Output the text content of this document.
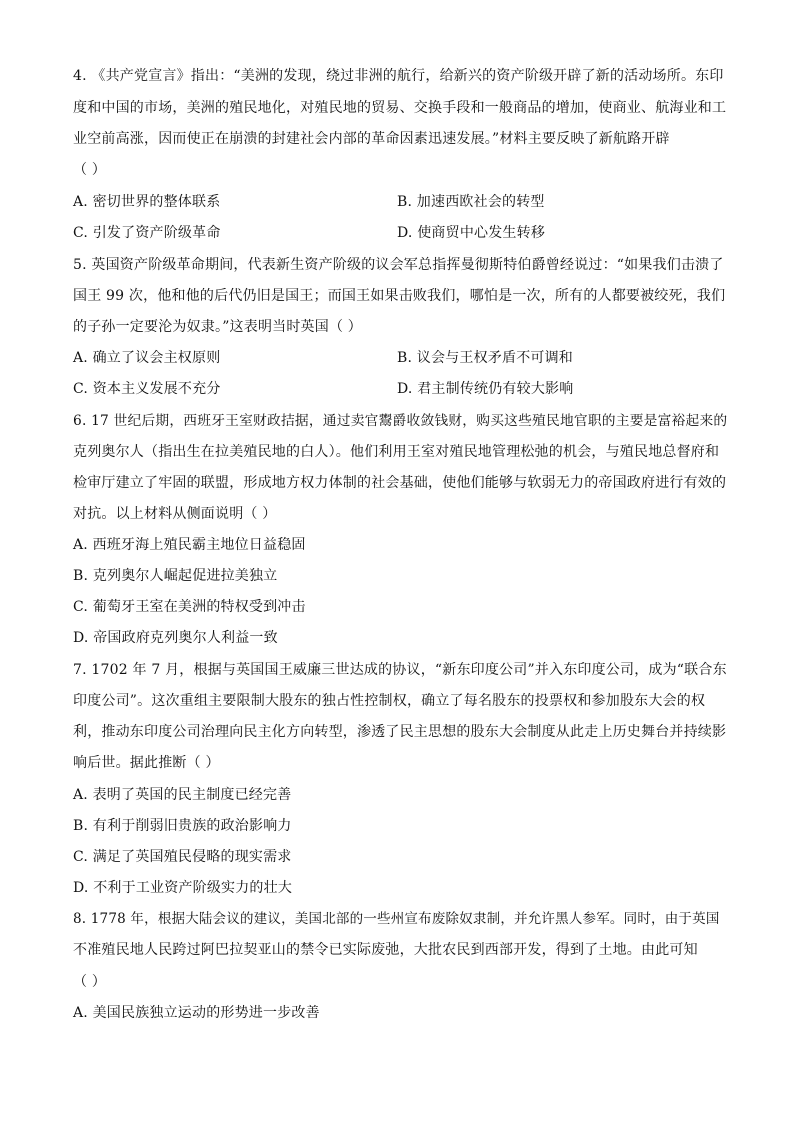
4. 《共产党宣言》指出：“美洲的发现，绕过非洲的航行，给新兴的资产阶级开辟了新的活动场所。东印
度和中国的市场，美洲的殖民地化，对殖民地的贸易、交换手段和一般商品的增加，使商业、航海业和工
业空前高涨，因而使正在崩溃的封建社会内部的革命因素迅速发展。”材料主要反映了新航路开辟
（ ）
A. 密切世界的整体联系	B. 加速西欧社会的转型
C. 引发了资产阶级革命	D. 使商贸中心发生转移
5. 英国资产阶级革命期间，代表新生资产阶级的议会军总指挥曼彻斯特伯爵曾经说过：“如果我们击溃了
国王 99 次，他和他的后代仍旧是国王；而国王如果击败我们，哪怕是一次，所有的人都要被绞死，我们
的子孙一定要沦为奴隶。”这表明当时英国（ ）
A. 确立了议会主权原则	B. 议会与王权矛盾不可调和
C. 资本主义发展不充分	D. 君主制传统仍有较大影响
6. 17 世纪后期，西班牙王室财政拮据，通过卖官鬻爵收敛钱财，购买这些殖民地官职的主要是富裕起来的
克列奥尔人（指出生在拉美殖民地的白人）。他们利用王室对殖民地管理松弛的机会，与殖民地总督府和
检审厅建立了牢固的联盟，形成地方权力体制的社会基础，使他们能够与软弱无力的帝国政府进行有效的
对抗。以上材料从侧面说明（ ）
A. 西班牙海上殖民霸主地位日益稳固
B. 克列奥尔人崛起促进拉美独立
C. 葡萄牙王室在美洲的特权受到冲击
D. 帝国政府克列奥尔人利益一致
7. 1702 年 7 月，根据与英国国王威廉三世达成的协议，“新东印度公司”并入东印度公司，成为“联合东
印度公司”。这次重组主要限制大股东的独占性控制权，确立了每名股东的投票权和参加股东大会的权
利，推动东印度公司治理向民主化方向转型，渗透了民主思想的股东大会制度从此走上历史舞台并持续影
响后世。据此推断（ ）
A. 表明了英国的民主制度已经完善
B. 有利于削弱旧贵族的政治影响力
C. 满足了英国殖民侵略的现实需求
D. 不利于工业资产阶级实力的壮大
8. 1778 年，根据大陆会议的建议，美国北部的一些州宣布废除奴隶制，并允许黑人参军。同时，由于英国
不准殖民地人民跨过阿巴拉契亚山的禁令已实际废弛，大批农民到西部开发，得到了土地。由此可知
（ ）
A. 美国民族独立运动的形势进一步改善
